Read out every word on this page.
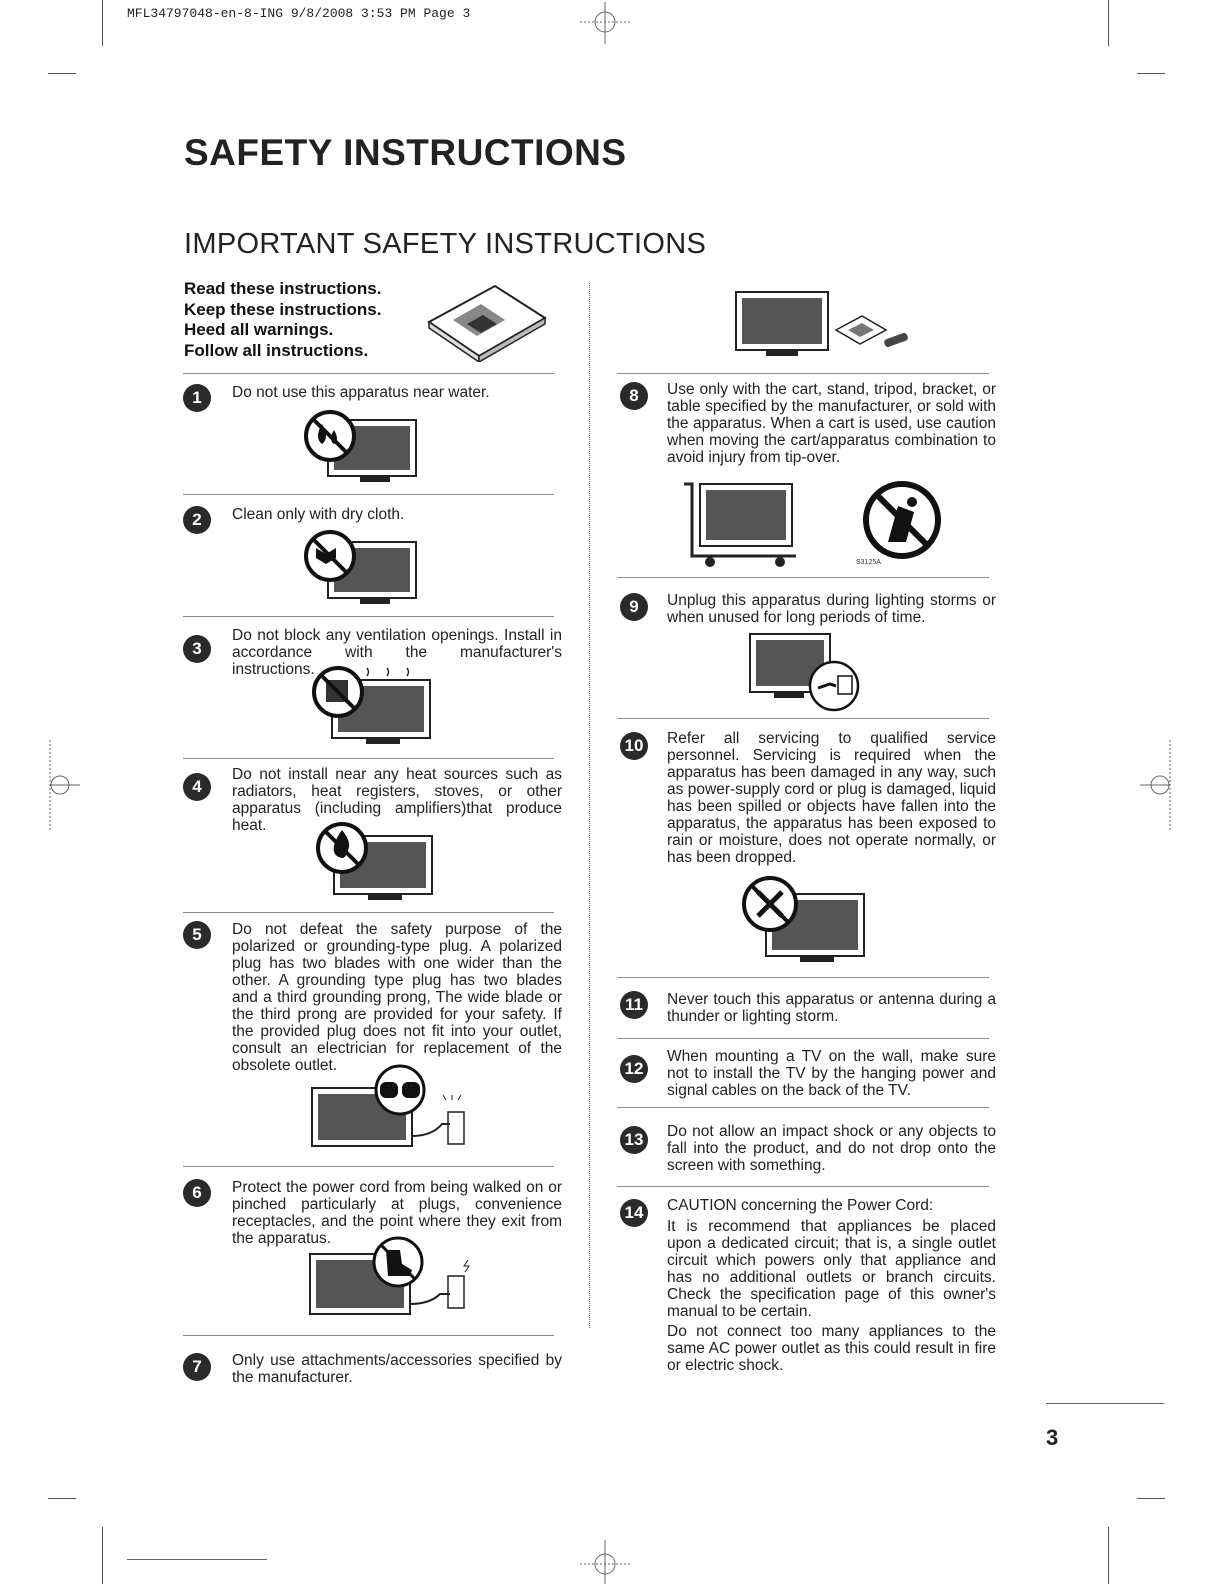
MFL34797048-en-8-ING 9/8/2008 3:53 PM Page 3
SAFETY INSTRUCTIONS
IMPORTANT SAFETY INSTRUCTIONS
Read these instructions.
Keep these instructions.
Heed all warnings.
Follow all instructions.
1	Do not use this apparatus near water.
2	Clean only with dry cloth.
3
Do not block any ventilation openings. Install in accordance with the manufacturer's instructions.
4
Do not install near any heat sources such as radiators, heat registers, stoves, or other apparatus (including amplifiers)that produce heat.
5	Do not defeat the safety purpose of the polarized or grounding-type plug. A polarized plug has two blades with one wider than the other. A grounding type plug has two blades and a third grounding prong, The wide blade or the third prong are provided for your safety. If the provided plug does not fit into your outlet, consult an electrician for replacement of the obsolete outlet.
6	Protect the power cord from being walked on or pinched particularly at plugs, convenience receptacles, and the point where they exit from the apparatus.
7	Only use attachments/accessories specified by the manufacturer.
8	Use only with the cart, stand, tripod, bracket, or table specified by the manufacturer, or sold with the apparatus. When a cart is used, use caution when moving the cart/apparatus combination to avoid injury from tip-over.
S3125A
9	Unplug this apparatus during lighting storms or when unused for long periods of time.
10 Refer all servicing to qualified service personnel. Servicing is required when the apparatus has been damaged in any way, such as power-supply cord or plug is damaged, liquid has been spilled or objects have fallen into the apparatus, the apparatus has been exposed to rain or moisture, does not operate normally, or has been dropped.
11	Never touch this apparatus or antenna during a thunder or lighting storm.
12
When mounting a TV on the wall, make sure not to install the TV by the hanging power and signal cables on the back of the TV.
13 Do not allow an impact shock or any objects to fall into the product, and do not drop onto the screen with something.
14 CAUTION concerning the Power Cord:
It is recommend that appliances be placed upon a dedicated circuit; that is, a single outlet circuit which powers only that appliance and has no additional outlets or branch circuits. Check the specification page of this owner's manual to be certain.
Do not connect too many appliances to the same AC power outlet as this could result in fire or electric shock.
3
